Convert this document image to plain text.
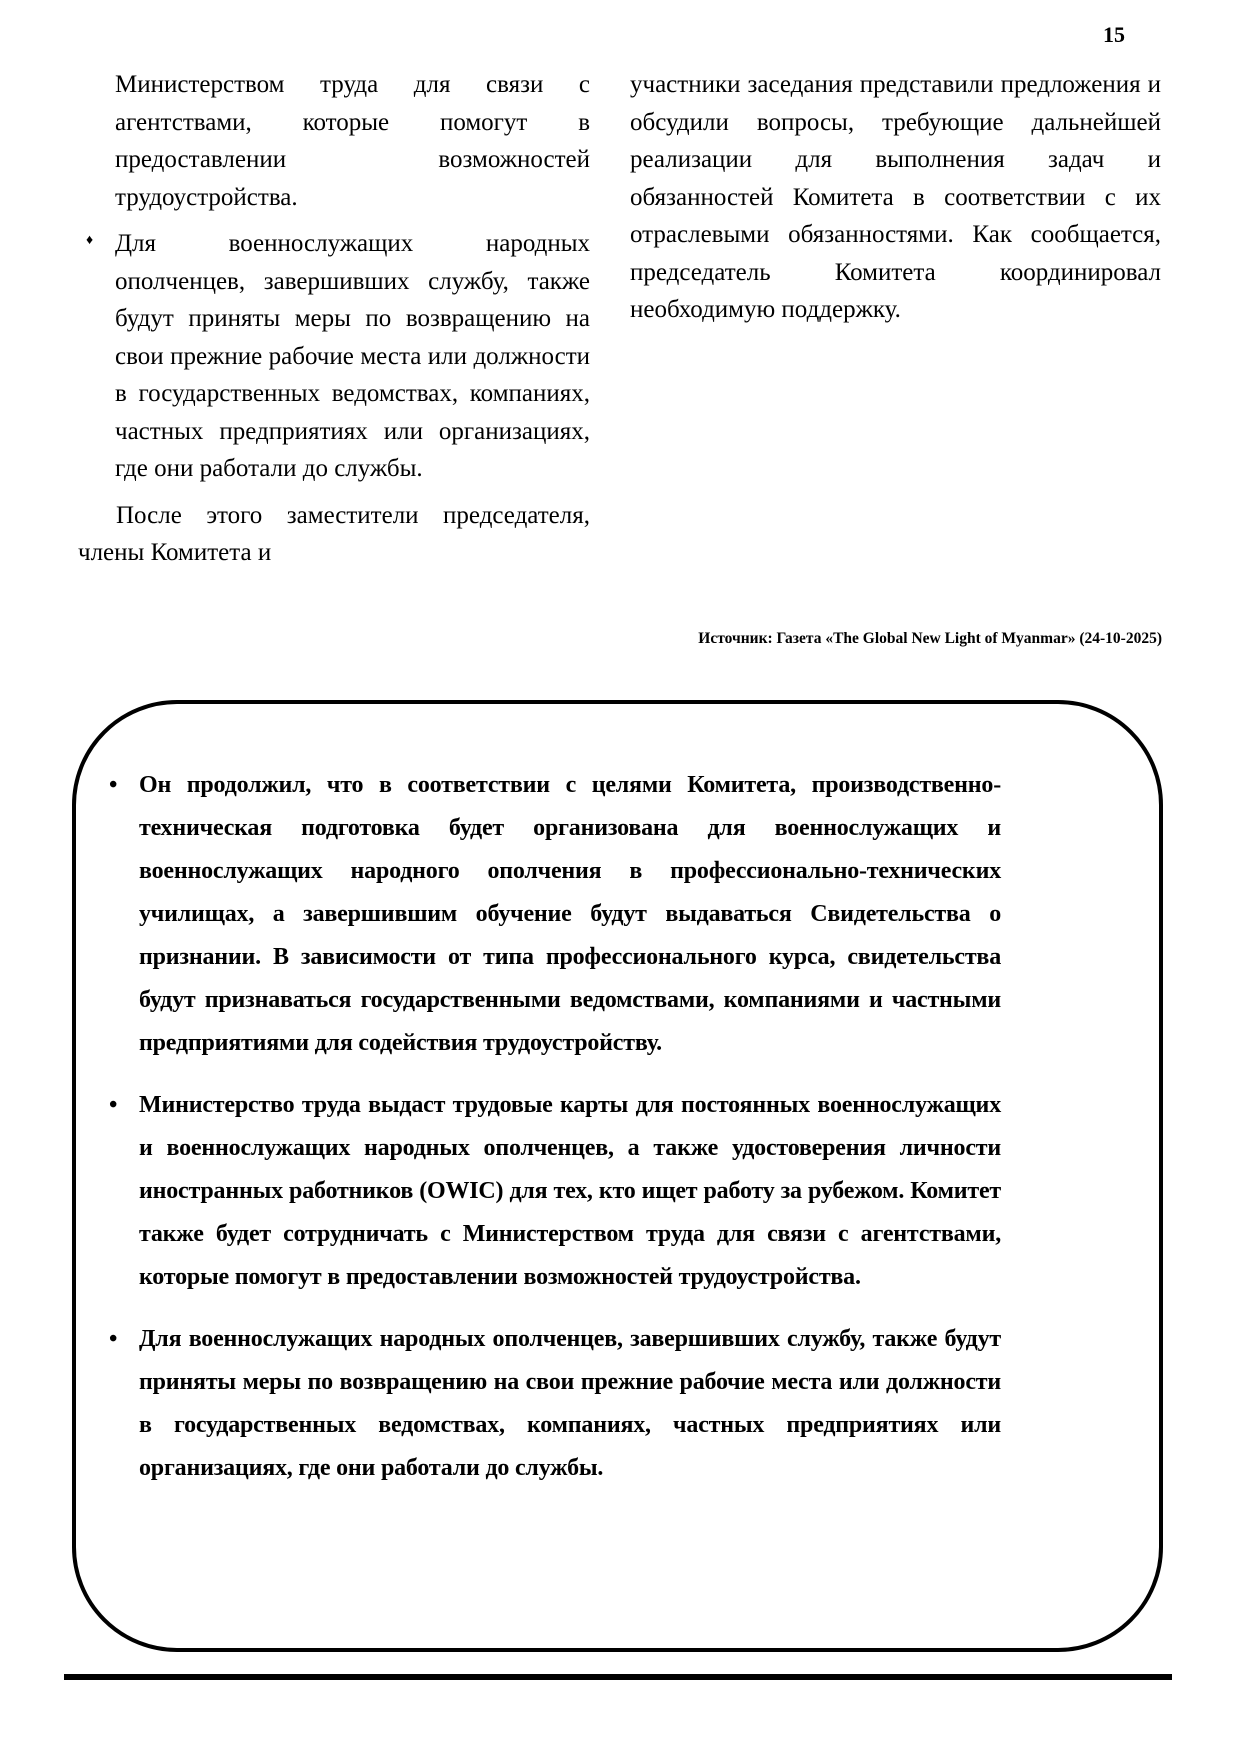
15
Министерством труда для связи с агентствами, которые помогут в предоставлении возможностей трудоустройства.
♦ Для военнослужащих народных ополченцев, завершивших службу, также будут приняты меры по возвращению на свои прежние рабочие места или должности в государственных ведомствах, компаниях, частных предприятиях или организациях, где они работали до службы.
После этого заместители председателя, члены Комитета и
участники заседания представили предложения и обсудили вопросы, требующие дальнейшей реализации для выполнения задач и обязанностей Комитета в соответствии с их отраслевыми обязанностями. Как сообщается, председатель Комитета координировал необходимую поддержку.
Источник: Газета «The Global New Light of Myanmar» (24-10-2025)
• Он продолжил, что в соответствии с целями Комитета, производственно-техническая подготовка будет организована для военнослужащих и военнослужащих народного ополчения в профессионально-технических училищах, а завершившим обучение будут выдаваться Свидетельства о признании. В зависимости от типа профессионального курса, свидетельства будут признаваться государственными ведомствами, компаниями и частными предприятиями для содействия трудоустройству.
• Министерство труда выдаст трудовые карты для постоянных военнослужащих и военнослужащих народных ополченцев, а также удостоверения личности иностранных работников (OWIC) для тех, кто ищет работу за рубежом. Комитет также будет сотрудничать с Министерством труда для связи с агентствами, которые помогут в предоставлении возможностей трудоустройства.
• Для военнослужащих народных ополченцев, завершивших службу, также будут приняты меры по возвращению на свои прежние рабочие места или должности в государственных ведомствах, компаниях, частных предприятиях или организациях, где они работали до службы.
